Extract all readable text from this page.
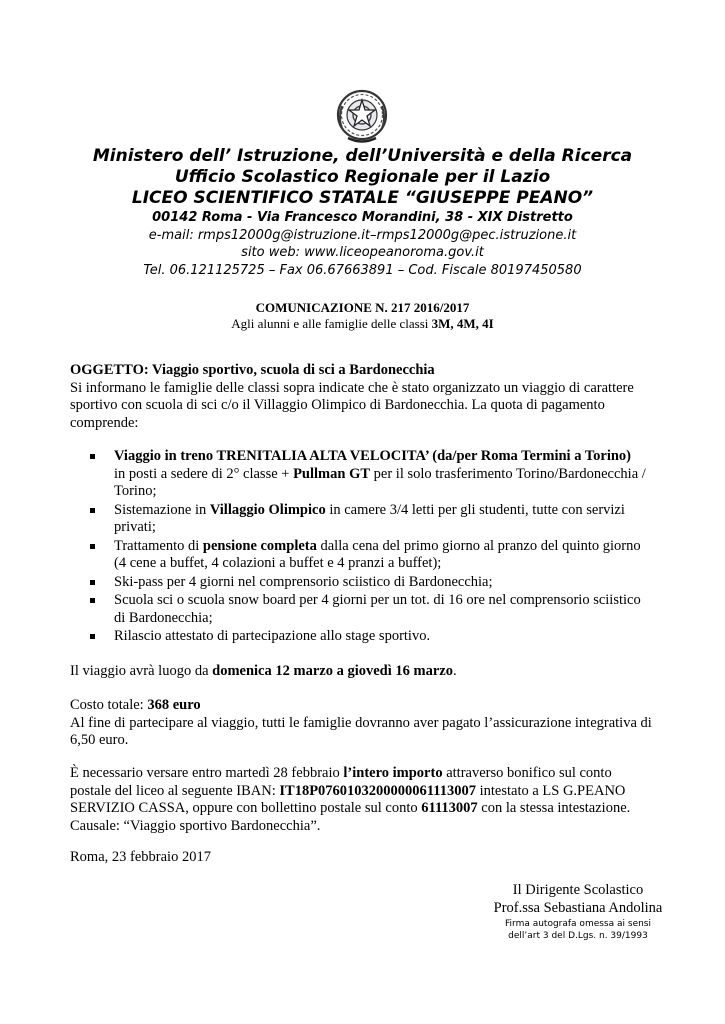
Ministero dell’ Istruzione, dell’Università e della Ricerca
Ufficio Scolastico Regionale per il Lazio
LICEO SCIENTIFICO STATALE “GIUSEPPE PEANO”
00142 Roma - Via Francesco Morandini, 38 - XIX Distretto
e-mail: rmps12000g@istruzione.it–rmps12000g@pec.istruzione.it
sito web: www.liceopeanoroma.gov.it
Tel. 06.121125725 – Fax 06.67663891 – Cod. Fiscale 80197450580
COMUNICAZIONE N. 217 2016/2017
Agli alunni e alle famiglie delle classi 3M, 4M, 4I
OGGETTO: Viaggio sportivo, scuola di sci a Bardonecchia
Si informano le famiglie delle classi sopra indicate che è stato organizzato un viaggio di carattere
sportivo con scuola di sci c/o il Villaggio Olimpico di Bardonecchia. La quota di pagamento
comprende:
Viaggio in treno TRENITALIA ALTA VELOCITA’ (da/per Roma Termini a Torino)
in posti a sedere di 2° classe + Pullman GT per il solo trasferimento Torino/Bardonecchia /
Torino;
Sistemazione in Villaggio Olimpico in camere 3/4 letti per gli studenti, tutte con servizi
privati;
Trattamento di pensione completa dalla cena del primo giorno al pranzo del quinto giorno
(4 cene a buffet, 4 colazioni a buffet e 4 pranzi a buffet);
Ski-pass per 4 giorni nel comprensorio sciistico di Bardonecchia;
Scuola sci o scuola snow board per 4 giorni per un tot. di 16 ore nel comprensorio sciistico
di Bardonecchia;
Rilascio attestato di partecipazione allo stage sportivo.
Il viaggio avrà luogo da domenica 12 marzo a giovedì 16 marzo.
Costo totale: 368 euro
Al fine di partecipare al viaggio, tutti le famiglie dovranno aver pagato l’assicurazione integrativa di
6,50 euro.
È necessario versare entro martedì 28 febbraio l’intero importo attraverso bonifico sul conto
postale del liceo al seguente IBAN: IT18P0760103200000061113007 intestato a LS G.PEANO
SERVIZIO CASSA, oppure con bollettino postale sul conto 61113007 con la stessa intestazione.
Causale: “Viaggio sportivo Bardonecchia”.
Roma, 23 febbraio 2017
Il Dirigente Scolastico
Prof.ssa Sebastiana Andolina
Firma autografa omessa ai sensi
dell’art 3 del D.Lgs. n. 39/1993
